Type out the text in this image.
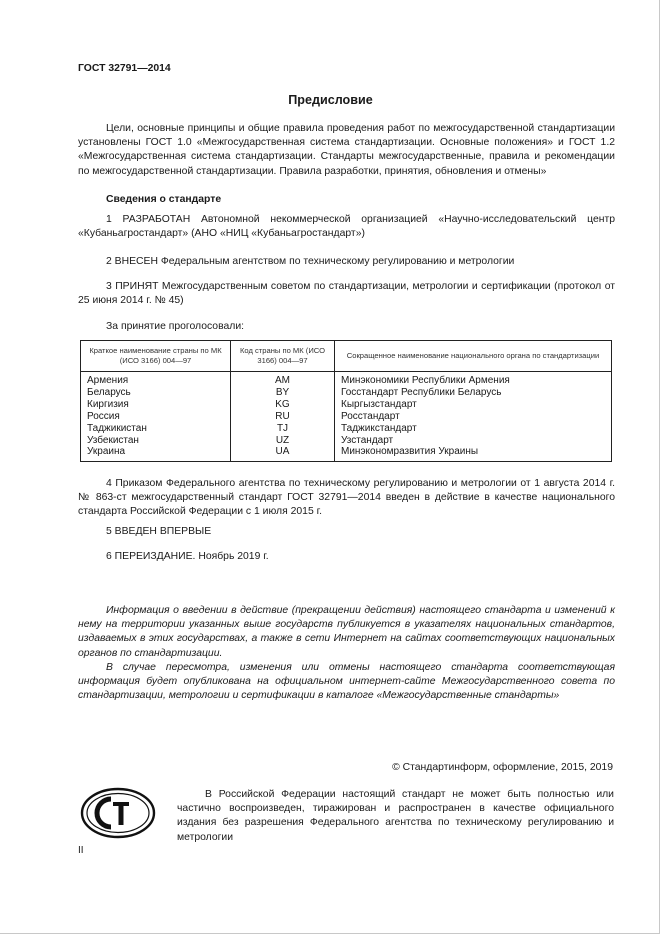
ГОСТ 32791—2014
Предисловие

Цели, основные принципы и общие правила проведения работ по межгосударственной стандартизации установлены ГОСТ 1.0 «Межгосударственная система стандартизации. Основные положения» и ГОСТ 1.2 «Межгосударственная система стандартизации. Стандарты межгосударственные, правила и рекомендации по межгосударственной стандартизации. Правила разработки, принятия, обновления и отмены»

Сведения о стандарте

1 РАЗРАБОТАН Автономной некоммерческой организацией «Научно-исследовательский центр «Кубаньагростандарт» (АНО «НИЦ «Кубаньагростандарт»)

2 ВНЕСЕН Федеральным агентством по техническому регулированию и метрологии

3 ПРИНЯТ Межгосударственным советом по стандартизации, метрологии и сертификации (протокол от 25 июня 2014 г. № 45)

За принятие проголосовали:

Краткое наименование страны по МК (ИСО 3166) 004—97	Код страны по МК (ИСО 3166) 004—97	Сокращенное наименование национального органа по стандартизации
Армения	AM	Минэкономики Республики Армения
Беларусь	BY	Госстандарт Республики Беларусь
Киргизия	KG	Кыргызстандарт
Россия	RU	Росстандарт
Таджикистан	TJ	Таджикстандарт
Узбекистан	UZ	Узстандарт
Украина	UA	Минэкономразвития Украины

4 Приказом Федерального агентства по техническому регулированию и метрологии от 1 августа 2014 г. № 863-ст межгосударственный стандарт ГОСТ 32791—2014 введен в действие в качестве национального стандарта Российской Федерации с 1 июля 2015 г.

5 ВВЕДЕН ВПЕРВЫЕ

6 ПЕРЕИЗДАНИЕ. Ноябрь 2019 г.

Информация о введении в действие (прекращении действия) настоящего стандарта и изменений к нему на территории указанных выше государств публикуется в указателях национальных стандартов, издаваемых в этих государствах, а также в сети Интернет на сайтах соответствующих национальных органов по стандартизации.

В случае пересмотра, изменения или отмены настоящего стандарта соответствующая информация будет опубликована на официальном интернет-сайте Межгосударственного совета по стандартизации, метрологии и сертификации в каталоге «Межгосударственные стандарты»

© Стандартинформ, оформление, 2015, 2019

В Российской Федерации настоящий стандарт не может быть полностью или частично воспроизведен, тиражирован и распространен в качестве официального издания без разрешения Федерального агентства по техническому регулированию и метрологии

II
